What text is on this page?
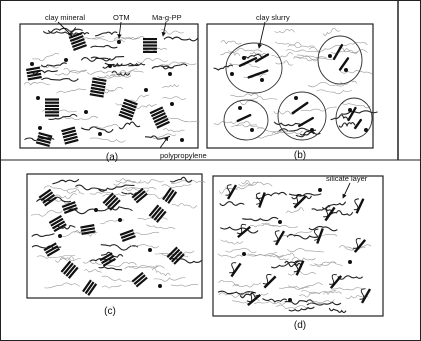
clay mineral	OTM	Ma-g-PP
polypropylene
clay slurry
silicate layer
(a)	(b)
(c)
(d)
